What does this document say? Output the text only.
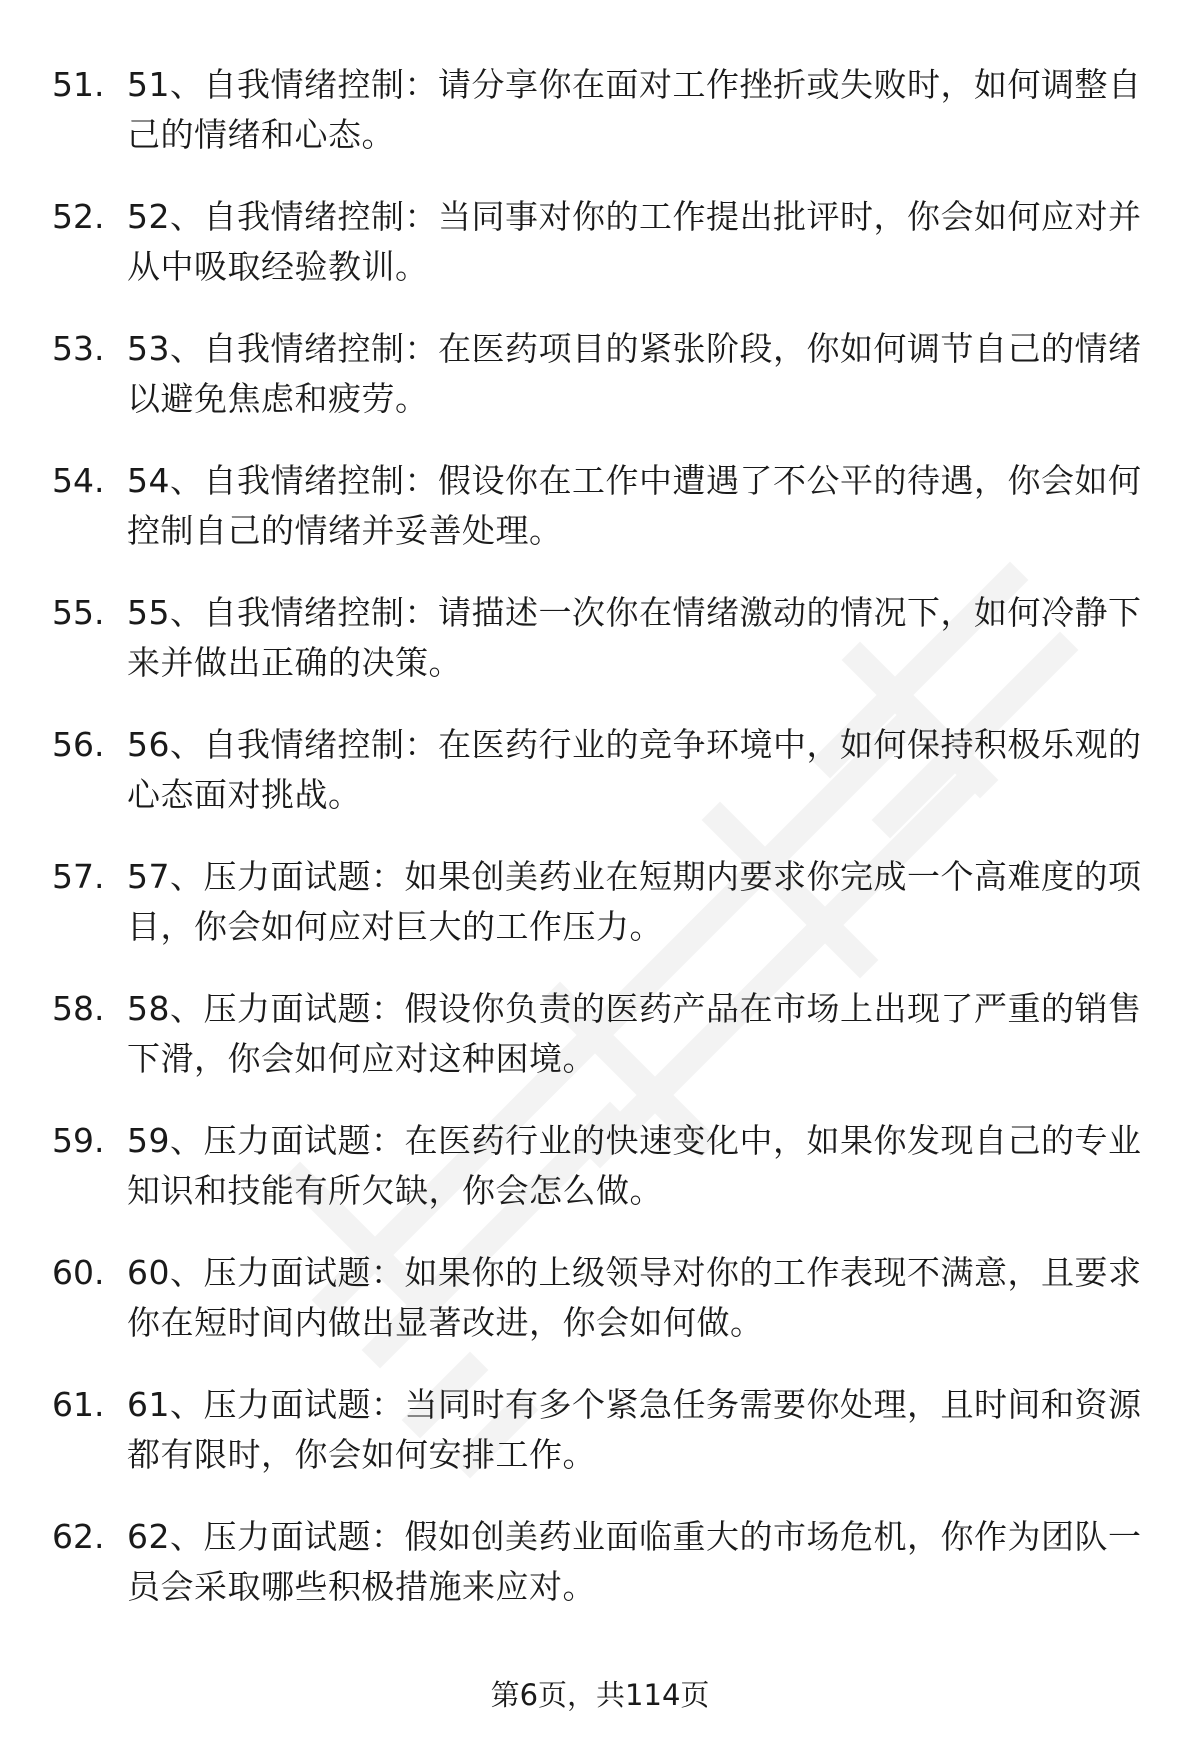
51. 51、自我情绪控制：请分享你在面对工作挫折或失败时，如何调整自己的情绪和心态。
52. 52、自我情绪控制：当同事对你的工作提出批评时，你会如何应对并从中吸取经验教训。
53. 53、自我情绪控制：在医药项目的紧张阶段，你如何调节自己的情绪以避免焦虑和疲劳。
54. 54、自我情绪控制：假设你在工作中遭遇了不公平的待遇，你会如何控制自己的情绪并妥善处理。
55. 55、自我情绪控制：请描述一次你在情绪激动的情况下，如何冷静下来并做出正确的决策。
56. 56、自我情绪控制：在医药行业的竞争环境中，如何保持积极乐观的心态面对挑战。
57. 57、压力面试题：如果创美药业在短期内要求你完成一个高难度的项目，你会如何应对巨大的工作压力。
58. 58、压力面试题：假设你负责的医药产品在市场上出现了严重的销售下滑，你会如何应对这种困境。
59. 59、压力面试题：在医药行业的快速变化中，如果你发现自己的专业知识和技能有所欠缺，你会怎么做。
60. 60、压力面试题：如果你的上级领导对你的工作表现不满意，且要求你在短时间内做出显著改进，你会如何做。
61. 61、压力面试题：当同时有多个紧急任务需要你处理，且时间和资源都有限时，你会如何安排工作。
62. 62、压力面试题：假如创美药业面临重大的市场危机，你作为团队一员会采取哪些积极措施来应对。
第6页，共114页
